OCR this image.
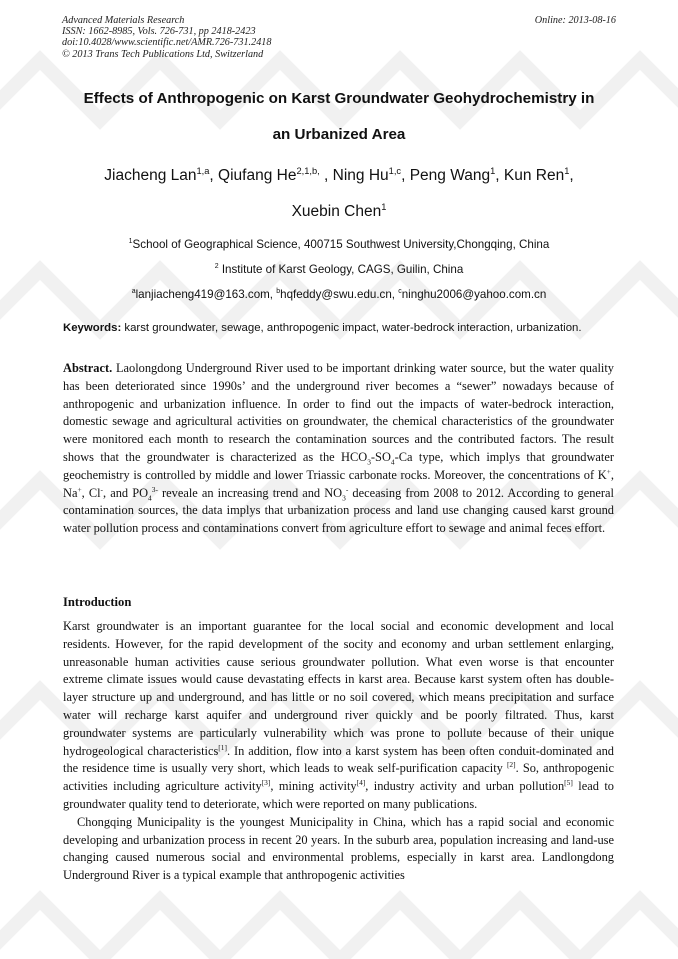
Advanced Materials Research
ISSN: 1662-8985, Vols. 726-731, pp 2418-2423
doi:10.4028/www.scientific.net/AMR.726-731.2418
© 2013 Trans Tech Publications Ltd, Switzerland
Online: 2013-08-16
Effects of Anthropogenic on Karst Groundwater Geohydrochemistry in
an Urbanized Area
Jiacheng Lan$^{1,a}$, Qiufang $He^{2,1,b,}$ , Ning Hu$^{1,c}$, Peng Wang$^1$, Kun Ren$^1$,
Xuebin Chen$^1$
$^1$School of Geographical Science, 400715 Southwest University,Chongqing, China
$^2$ Institute of Karst Geology, CAGS, Guilin, China
$^a$lanjiacheng419@163.com, $^b$hqfeddy@swu.edu.cn, $^c$ninghu2006@yahoo.com.cn
Keywords: karst groundwater, sewage, anthropogenic impact, water-bedrock interaction, urbanization.
Abstract. Laolongdong Underground River used to be important drinking water source, but the water quality has been deteriorated since 1990s’ and the underground river becomes a “sewer” nowadays because of anthropogenic and urbanization influence. In order to find out the impacts of water-bedrock interaction, domestic sewage and agricultural activities on groundwater, the chemical characteristics of the groundwater were monitored each month to research the contamination sources and the contributed factors. The result shows that the groundwater is characterized as the $HCO_3-SO_4-Ca$ type, which implys that groundwater geochemistry is controlled by middle and lower Triassic carbonate rocks. Moreover, the concentrations of K+, Na+, Cl-, and $PO_4^{3-}$ reveale an increasing trend and $NO_3^-$ deceasing from 2008 to 2012. According to general contamination sources, the data implys that urbanization process and land use changing caused karst ground water pollution process and contaminations convert from agriculture effort to sewage and animal feces effort.
Introduction

Karst groundwater is an important guarantee for the local social and economic development and local residents. However, for the rapid development of the socity and economy and urban settlement enlarging, unreasonable human activities cause serious groundwater pollution. What even worse is that encounter extreme climate issues would cause devastating effects in karst area. Because karst system often has double-layer structure up and underground, and has little or no soil covered, which means precipitation and surface water will recharge karst aquifer and underground river quickly and be poorly filtrated. Thus, karst groundwater systems are particularly vulnerability which was prone to pollute because of their unique hydrogeological characteristics[1]. In addition, flow into a karst system has been often conduit-dominated and the residence time is usually very short, which leads to weak self-purification capacity [2]. So, anthropogenic activities including agriculture activity[3], mining activity[4], industry activity and urban pollution[5] lead to groundwater quality tend to deteriorate, which were reported on many publications.

Chongqing Municipality is the youngest Municipality in China, which has a rapid social and economic developing and urbanization process in recent 20 years. In the suburb area, population increasing and land-use changing caused numerous social and environmental problems, especially in karst area. Landlongdong Underground River is a typical example that anthropogenic activities
